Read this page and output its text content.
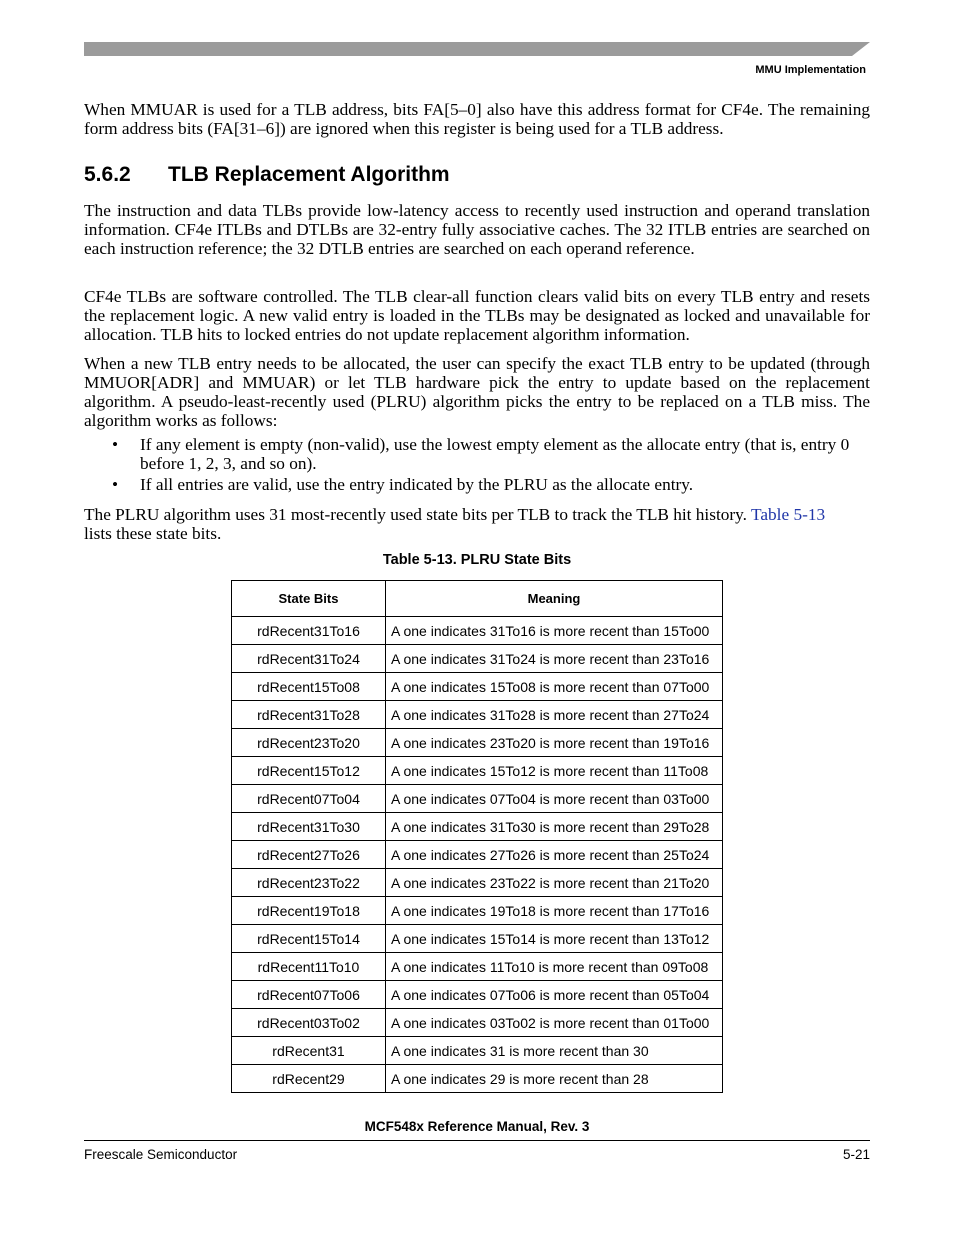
MMU Implementation

When MMUAR is used for a TLB address, bits FA[5–0] also have this address format for CF4e. The remaining form address bits (FA[31–6]) are ignored when this register is being used for a TLB address.

5.6.2 TLB Replacement Algorithm

The instruction and data TLBs provide low-latency access to recently used instruction and operand translation information. CF4e ITLBs and DTLBs are 32-entry fully associative caches. The 32 ITLB entries are searched on each instruction reference; the 32 DTLB entries are searched on each operand reference.

CF4e TLBs are software controlled. The TLB clear-all function clears valid bits on every TLB entry and resets the replacement logic. A new valid entry is loaded in the TLBs may be designated as locked and unavailable for allocation. TLB hits to locked entries do not update replacement algorithm information.

When a new TLB entry needs to be allocated, the user can specify the exact TLB entry to be updated (through MMUOR[ADR] and MMUAR) or let TLB hardware pick the entry to update based on the replacement algorithm. A pseudo-least-recently used (PLRU) algorithm picks the entry to be replaced on a TLB miss. The algorithm works as follows:

• If any element is empty (non-valid), use the lowest empty element as the allocate entry (that is, entry 0 before 1, 2, 3, and so on).
• If all entries are valid, use the entry indicated by the PLRU as the allocate entry.

The PLRU algorithm uses 31 most-recently used state bits per TLB to track the TLB hit history. Table 5-13
lists these state bits.

Table 5-13. PLRU State Bits
State Bits	Meaning
rdRecent31To16	A one indicates 31To16 is more recent than 15To00
rdRecent31To24	A one indicates 31To24 is more recent than 23To16
rdRecent15To08	A one indicates 15To08 is more recent than 07To00
rdRecent31To28	A one indicates 31To28 is more recent than 27To24
rdRecent23To20	A one indicates 23To20 is more recent than 19To16
rdRecent15To12	A one indicates 15To12 is more recent than 11To08
rdRecent07To04	A one indicates 07To04 is more recent than 03To00
rdRecent31To30	A one indicates 31To30 is more recent than 29To28
rdRecent27To26	A one indicates 27To26 is more recent than 25To24
rdRecent23To22	A one indicates 23To22 is more recent than 21To20
rdRecent19To18	A one indicates 19To18 is more recent than 17To16
rdRecent15To14	A one indicates 15To14 is more recent than 13To12
rdRecent11To10	A one indicates 11To10 is more recent than 09To08
rdRecent07To06	A one indicates 07To06 is more recent than 05To04
rdRecent03To02	A one indicates 03To02 is more recent than 01To00
rdRecent31	A one indicates 31 is more recent than 30
rdRecent29	A one indicates 29 is more recent than 28
MCF548x Reference Manual, Rev. 3
Freescale Semiconductor	5-21
